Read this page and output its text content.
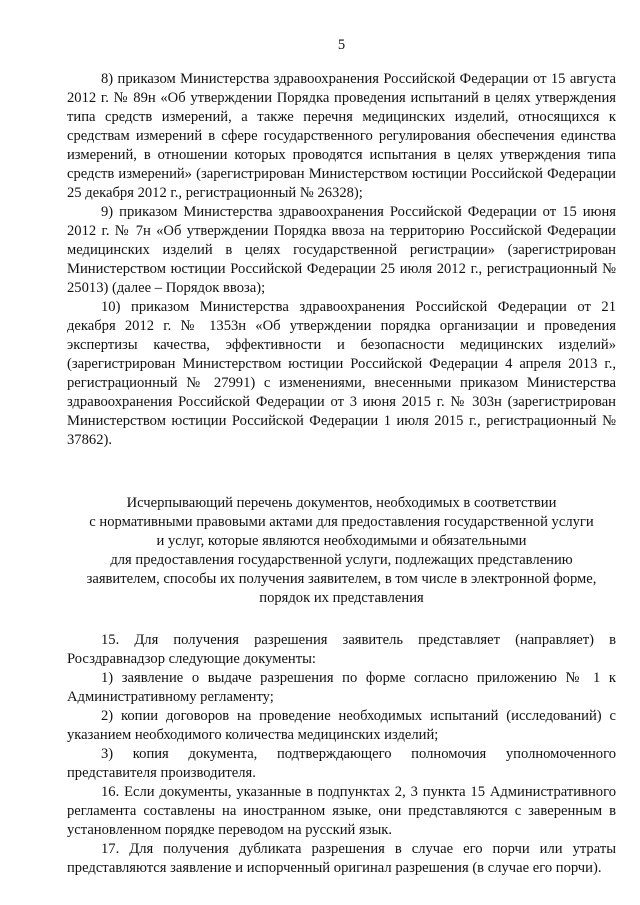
5

8) приказом Министерства здравоохранения Российской Федерации от 15 августа 2012 г. № 89н «Об утверждении Порядка проведения испытаний в целях утверждения типа средств измерений, а также перечня медицинских изделий, относящихся к средствам измерений в сфере государственного регулирования обеспечения единства измерений, в отношении которых проводятся испытания в целях утверждения типа средств измерений» (зарегистрирован Министерством юстиции Российской Федерации 25 декабря 2012 г., регистрационный № 26328);

9) приказом Министерства здравоохранения Российской Федерации от 15 июня 2012 г. № 7н «Об утверждении Порядка ввоза на территорию Российской Федерации медицинских изделий в целях государственной регистрации» (зарегистрирован Министерством юстиции Российской Федерации 25 июля 2012 г., регистрационный № 25013) (далее – Порядок ввоза);

10) приказом Министерства здравоохранения Российской Федерации от 21 декабря 2012 г. № 1353н «Об утверждении порядка организации и проведения экспертизы качества, эффективности и безопасности медицинских изделий» (зарегистрирован Министерством юстиции Российской Федерации 4 апреля 2013 г., регистрационный № 27991) с изменениями, внесенными приказом Министерства здравоохранения Российской Федерации от 3 июня 2015 г. № 303н (зарегистрирован Министерством юстиции Российской Федерации 1 июля 2015 г., регистрационный № 37862).

Исчерпывающий перечень документов, необходимых в соответствии
с нормативными правовыми актами для предоставления государственной услуги
и услуг, которые являются необходимыми и обязательными
для предоставления государственной услуги, подлежащих представлению
заявителем, способы их получения заявителем, в том числе в электронной форме,
порядок их представления

15. Для получения разрешения заявитель представляет (направляет) в Росздравнадзор следующие документы:

1) заявление о выдаче разрешения по форме согласно приложению № 1 к Административному регламенту;

2) копии договоров на проведение необходимых испытаний (исследований) с указанием необходимого количества медицинских изделий;

3) копия документа, подтверждающего полномочия уполномоченного представителя производителя.

16. Если документы, указанные в подпунктах 2, 3 пункта 15 Административного регламента составлены на иностранном языке, они представляются с заверенным в установленном порядке переводом на русский язык.

17. Для получения дубликата разрешения в случае его порчи или утраты представляются заявление и испорченный оригинал разрешения (в случае его порчи).
